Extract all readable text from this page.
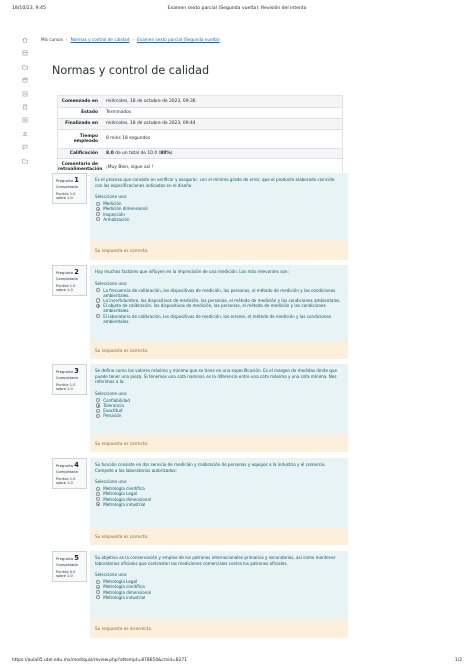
18/10/23, 9:45	Examen sexto parcial (Segunda vuelta): Revisión del intento
Mis cursos › Normas y control de calidad › Examen sexto parcial (Segunda vuelta)
Normas y control de calidad
Comenzado en	miércoles, 18 de octubre de 2023, 09:36
Estado	Terminados
Finalizado en	miércoles, 18 de octubre de 2023, 09:44
Tiempo empleado	8 mins 18 segundos
Calificación	8.0 de un total de 10.0 (80%)
Comentario de retroalimentación ¡Muy Bien, sigue así !
Pregunta 1
Completada
Puntúa 1.0 sobre 1.0
Es el proceso que consiste en verificar y asegurar, con el mínimo grado de error, que el producto elaborado coincide con las especificaciones indicadas en el diseño.
Seleccione uno:
Medición
Medición dimensional
Inspección
Armalización
Su respuesta es correcta.
Pregunta 2
Completada
Puntúa 1.0 sobre 1.0
Hay muchos factores que influyen en la imprecisión de una medición. Los más relevantes son:
Seleccione uno:
La frecuencia de calibración, los dispositivos de medición, las personas, el método de medición y las condiciones ambientales.
La incertidumbre, los dispositivos de medición, las personas, el método de medición y las condiciones ambientales.
El objeto de calibración, los dispositivos de medición, las personas, el método de medición y las condiciones ambientales.
El laboratorio de calibración, los dispositivos de medición, los errores, el método de medición y las condiciones ambientales.
Su respuesta es correcta.
Pregunta 3
Completada
Puntúa 1.0 sobre 1.0
Se define como los valores máximo y mínimo que se tiene en una especificación. Es el margen de medidas límite que puede tener una pieza. Si tenemos una cota nominal, es la diferencia entre una cota máxima y una cota mínima. Nos referimos a la:
Seleccione uno:
Confiabilidad
Tolerancia
Exactitud
Precisión
Su respuesta es correcta.
Pregunta 4
Completada
Puntúa 1.0 sobre 1.0
Su función consiste en dar servicio de medición y calibración de personas y equipos a la industria y el comercio. Compete a los laboratorios autorizados:
Seleccione uno:
Metrología científica
Metrología Legal
Metrología dimensional
Metrología industrial
Su respuesta es correcta.
Pregunta 5
Completada
Puntúa 0.0 sobre 1.0
Su objetivo es la conservación y empleo de los patrones internacionales primarios y secundarios, así como mantener laboratorios oficiales que contrasten las mediciones comerciales contra los patrones oficiales.
Seleccione uno:
Metrología Legal
Metrología científica
Metrología dimensional
Metrología industrial
Su respuesta es incorrecta.
https://aula05.utel.edu.mx/mod/quiz/review.php?attempt=878654&cmid=8271	1/2
